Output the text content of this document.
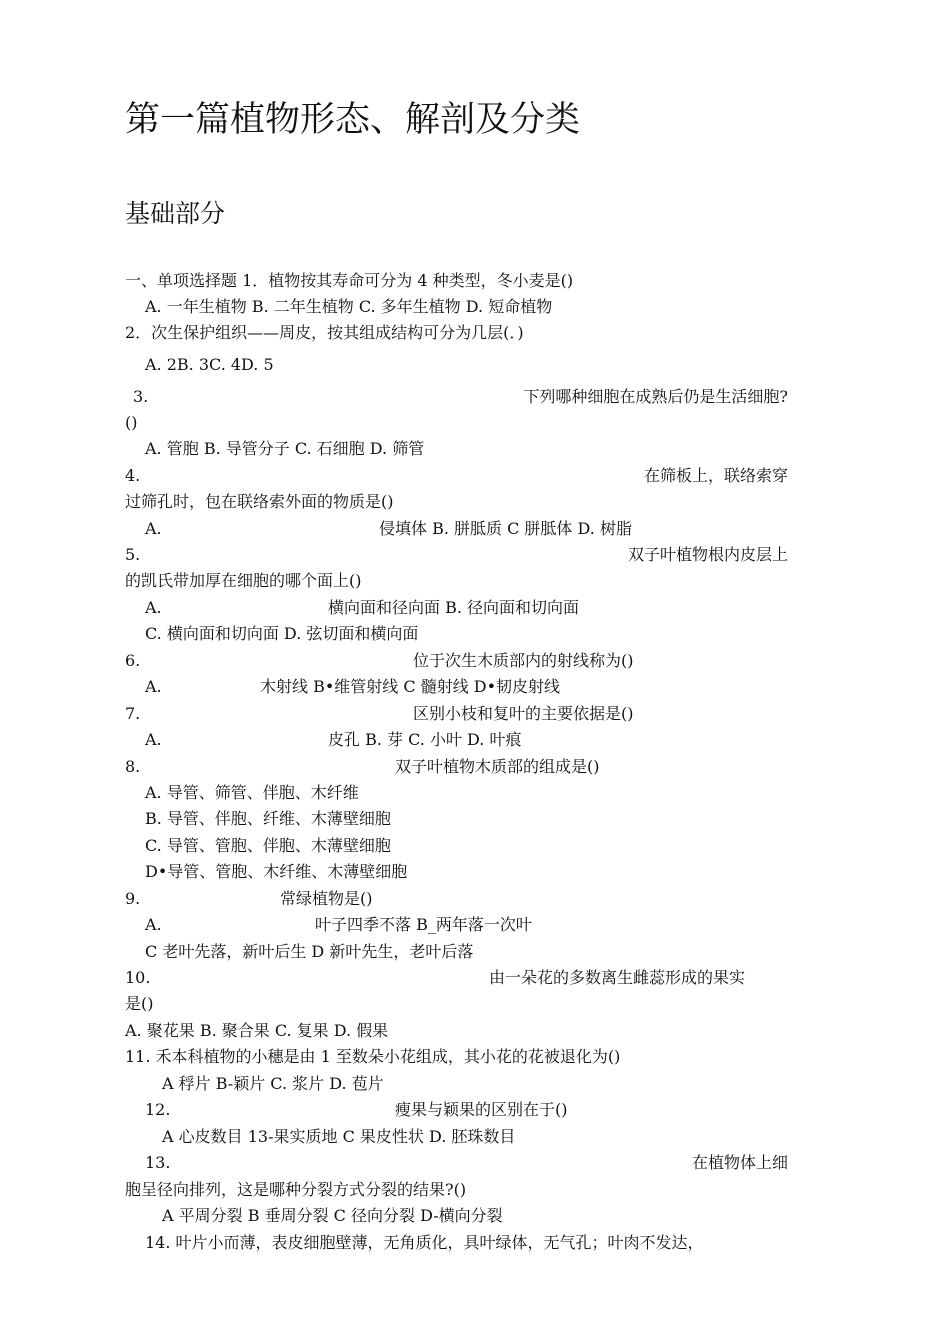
第一篇植物形态、解剖及分类
基础部分
一、单项选择题 1．植物按其寿命可分为 4 种类型，冬小麦是()
A. 一年生植物 B. 二年生植物 C. 多年生植物 D. 短命植物
2．次生保护组织——周皮，按其组成结构可分为几层(．)
A. 2B. 3C. 4D. 5
3.	下列哪种细胞在成熟后仍是生活细胞?
()
A. 管胞 B. 导管分子 C. 石细胞 D. 筛管
4.	在筛板上，联络索穿
过筛孔时，包在联络索外面的物质是()
A.	侵填体 B. 胼胝质 C 胼胝体 D. 树脂
5.	双子叶植物根内皮层上
的凯氏带加厚在细胞的哪个面上()
A.	横向面和径向面 B. 径向面和切向面
C. 横向面和切向面 D. 弦切面和横向面
6.	位于次生木质部内的射线称为()
A.	木射线 B•维管射线 C 髓射线 D•韧皮射线
7.	区别小枝和复叶的主要依据是()
A.	皮孔 B. 芽 C. 小叶 D. 叶痕
8.	双子叶植物木质部的组成是()
A. 导管、筛管、伴胞、木纤维
B. 导管、伴胞、纤维、木薄壁细胞
C. 导管、管胞、伴胞、木薄壁细胞
D•导管、管胞、木纤维、木薄壁细胞
9.	常绿植物是()
A.	叶子四季不落 B_两年落一次叶
C 老叶先落，新叶后生 D 新叶先生，老叶后落
10.	由一朵花的多数离生雌蕊形成的果实
是()
A. 聚花果 B. 聚合果 C. 复果 D. 假果
11. 禾本科植物的小穗是由 1 至数朵小花组成，其小花的花被退化为()
A 稃片 B-颖片 C. 浆片 D. 苞片
12.	瘦果与颖果的区别在于()
A 心皮数目 13-果实质地 C 果皮性状 D. 胚珠数目
13.	在植物体上细
胞呈径向排列，这是哪种分裂方式分裂的结果?()
A 平周分裂 B 垂周分裂 C 径向分裂 D-横向分裂
14. 叶片小而薄，表皮细胞壁薄，无角质化，具叶绿体，无气孔；叶肉不发达，
